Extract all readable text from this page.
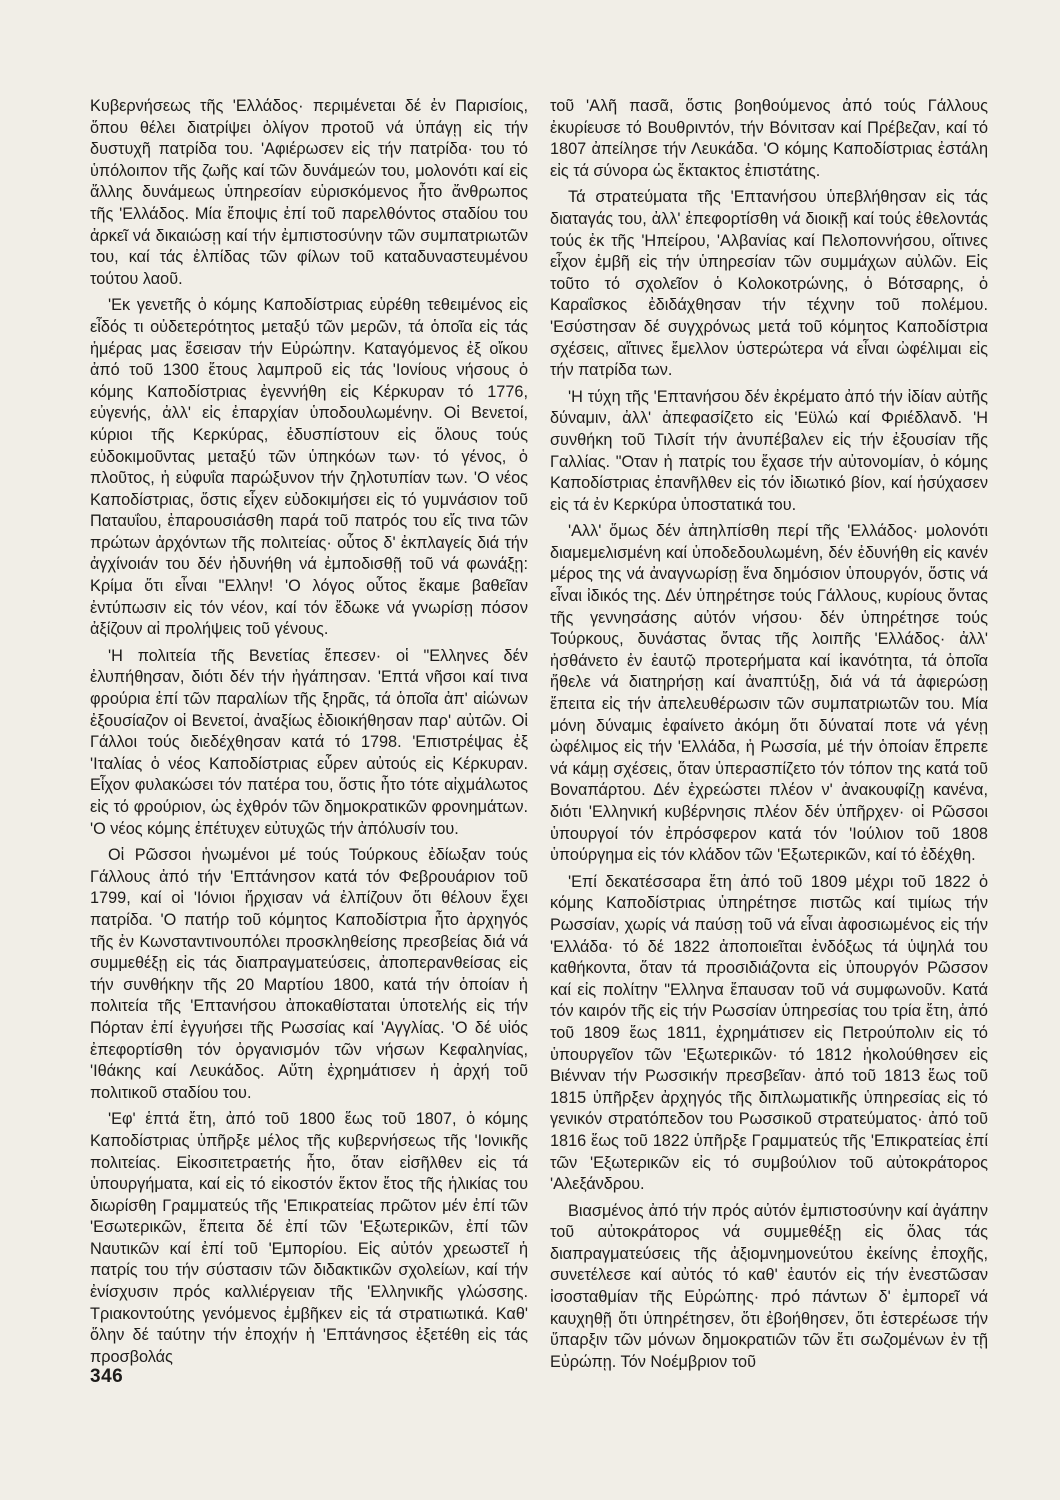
Κυβερνήσεως τῆς 'Ελλάδος· περιμένεται δέ ἐν Παρισίοις, ὅπου θέλει διατρίψει ὀλίγον προτοῦ νά ὑπάγῃ εἰς τήν δυστυχῆ πατρίδα του. 'Αφιέρωσεν εἰς τήν πατρίδα· του τό ὑπόλοιπον τῆς ζωῆς καί τῶν δυνάμεών του, μολονότι καί εἰς ἄλλης δυνάμεως ὑπηρεσίαν εὑρισκόμενος ἦτο ἄνθρωπος τῆς 'Ελλάδος. Μία ἔποψις ἐπί τοῦ παρελθόντος σταδίου του ἀρκεῖ νά δικαιώσῃ καί τήν ἐμπιστοσύνην τῶν συμπατριωτῶν του, καί τάς ἐλπίδας τῶν φίλων τοῦ καταδυναστευμένου τούτου λαοῦ.

'Εκ γενετῆς ὁ κόμης Καποδίστριας εὑρέθη τεθειμένος εἰς εἶδός τι οὐδετερότητος μεταξύ τῶν μερῶν, τά ὁποῖα εἰς τάς ἡμέρας μας ἔσεισαν τήν Εὐρώπην. Καταγόμενος ἐξ οἴκου ἀπό τοῦ 1300 ἔτους λαμπροῦ εἰς τάς 'Ιονίους νήσους ὁ κόμης Καποδίστριας ἐγεννήθη εἰς Κέρκυραν τό 1776, εὐγενής, ἀλλ' εἰς ἐπαρχίαν ὑποδουλωμένην. Οἱ Βενετοί, κύριοι τῆς Κερκύρας, ἐδυσπίστουν εἰς ὅλους τούς εὐδοκιμοῦντας μεταξύ τῶν ὑπηκόων των· τό γένος, ὁ πλοῦτος, ἡ εὐφυΐα παρώξυνον τήν ζηλοτυπίαν των. 'Ο νέος Καποδίστριας, ὅστις εἶχεν εὐδοκιμήσει εἰς τό γυμνάσιον τοῦ Παταυΐου, ἐπαρουσιάσθη παρά τοῦ πατρός του εἴς τινα τῶν πρώτων ἀρχόντων τῆς πολιτείας· οὗτος δ' ἐκπλαγείς διά τήν ἀγχίνοιάν του δέν ἠδυνήθη νά ἐμποδισθῇ τοῦ νά φωνάξῃ: Κρίμα ὅτι εἶναι "Ελλην! 'Ο λόγος οὗτος ἔκαμε βαθεῖαν ἐντύπωσιν εἰς τόν νέον, καί τόν ἔδωκε νά γνωρίσῃ πόσον ἀξίζουν αἱ προλήψεις τοῦ γένους.

'Η πολιτεία τῆς Βενετίας ἔπεσεν· οἱ "Ελληνες δέν ἐλυπήθησαν, διότι δέν τήν ἠγάπησαν. 'Επτά νῆσοι καί τινα φρούρια ἐπί τῶν παραλίων τῆς ξηρᾶς, τά ὁποῖα ἀπ' αἰώνων ἐξουσίαζον οἱ Βενετοί, ἀναξίως ἐδιοικήθησαν παρ' αὐτῶν. Οἱ Γάλλοι τούς διεδέχθησαν κατά τό 1798. 'Επιστρέψας ἐξ 'Ιταλίας ὁ νέος Καποδίστριας εὗρεν αὐτούς εἰς Κέρκυραν. Εἶχον φυλακώσει τόν πατέρα του, ὅστις ἦτο τότε αἰχμάλωτος εἰς τό φρούριον, ὡς ἐχθρόν τῶν δημοκρατικῶν φρονημάτων. 'Ο νέος κόμης ἐπέτυχεν εὐτυχῶς τήν ἀπόλυσίν του.

Οἱ Ρῶσσοι ἡνωμένοι μέ τούς Τούρκους ἐδίωξαν τούς Γάλλους ἀπό τήν 'Επτάνησον κατά τόν Φεβρουάριον τοῦ 1799, καί οἱ 'Ιόνιοι ἤρχισαν νά ἐλπίζουν ὅτι θέλουν ἔχει πατρίδα. 'Ο πατήρ τοῦ κόμητος Καποδίστρια ἦτο ἀρχηγός τῆς ἐν Κωνσταντινουπόλει προσκληθείσης πρεσβείας διά νά συμμεθέξῃ εἰς τάς διαπραγματεύσεις, ἀποπερανθείσας εἰς τήν συνθήκην τῆς 20 Μαρτίου 1800, κατά τήν ὁποίαν ἡ πολιτεία τῆς 'Επτανήσου ἀποκαθίσταται ὑποτελής εἰς τήν Πόρταν ἐπί ἐγγυήσει τῆς Ρωσσίας καί 'Αγγλίας. 'Ο δέ υἱός ἐπεφορτίσθη τόν ὀργανισμόν τῶν νήσων Κεφαληνίας, 'Ιθάκης καί Λευκάδος. Αὕτη ἐχρημάτισεν ἡ ἀρχή τοῦ πολιτικοῦ σταδίου του.

'Εφ' ἑπτά ἔτη, ἀπό τοῦ 1800 ἕως τοῦ 1807, ὁ κόμης Καποδίστριας ὑπῆρξε μέλος τῆς κυβερνήσεως τῆς 'Ιονικῆς πολιτείας. Εἰκοσιτετραετής ἦτο, ὅταν εἰσῆλθεν εἰς τά ὑπουργήματα, καί εἰς τό εἰκοστόν ἕκτον ἔτος τῆς ἡλικίας του διωρίσθη Γραμματεύς τῆς 'Επικρατείας πρῶτον μέν ἐπί τῶν 'Εσωτερικῶν, ἔπειτα δέ ἐπί τῶν 'Εξωτερικῶν, ἐπί τῶν Ναυτικῶν καί ἐπί τοῦ 'Εμπορίου. Εἰς αὐτόν χρεωστεῖ ἡ πατρίς του τήν σύστασιν τῶν διδακτικῶν σχολείων, καί τήν ἐνίσχυσιν πρός καλλιέργειαν τῆς 'Ελληνικῆς γλώσσης. Τριακοντούτης γενόμενος ἐμβῆκεν εἰς τά στρατιωτικά. Καθ' ὅλην δέ ταύτην τήν ἐποχήν ἡ 'Επτάνησος ἐξετέθη εἰς τάς προσβολάς

τοῦ 'Αλῆ πασᾶ, ὅστις βοηθούμενος ἀπό τούς Γάλλους ἐκυρίευσε τό Βουθριντόν, τήν Βόνιτσαν καί Πρέβεζαν, καί τό 1807 ἀπείλησε τήν Λευκάδα. 'Ο κόμης Καποδίστριας ἐστάλη εἰς τά σύνορα ὡς ἔκτακτος ἐπιστάτης.

Τά στρατεύματα τῆς 'Επτανήσου ὑπεβλήθησαν εἰς τάς διαταγάς του, ἀλλ' ἐπεφορτίσθη νά διοικῇ καί τούς ἐθελοντάς τούς ἐκ τῆς 'Ηπείρου, 'Αλβανίας καί Πελοποννήσου, οἵτινες εἶχον ἐμβῆ εἰς τήν ὑπηρεσίαν τῶν συμμάχων αὐλῶν. Εἰς τοῦτο τό σχολεῖον ὁ Κολοκοτρώνης, ὁ Βότσαρης, ὁ Καραΐσκος ἐδιδάχθησαν τήν τέχνην τοῦ πολέμου. 'Εσύστησαν δέ συγχρόνως μετά τοῦ κόμητος Καποδίστρια σχέσεις, αἵτινες ἔμελλον ὑστερώτερα νά εἶναι ὠφέλιμαι εἰς τήν πατρίδα των.

'Η τύχη τῆς 'Επτανήσου δέν ἐκρέματο ἀπό τήν ἰδίαν αὐτῆς δύναμιν, ἀλλ' ἀπεφασίζετο εἰς 'Εϋλώ καί Φριέδλανδ. 'Η συνθήκη τοῦ Τιλσίτ τήν ἀνυπέβαλεν εἰς τήν ἐξουσίαν τῆς Γαλλίας. "Οταν ἡ πατρίς του ἔχασε τήν αὐτονομίαν, ὁ κόμης Καποδίστριας ἐπανῆλθεν εἰς τόν ἰδιωτικό βίον, καί ἡσύχασεν εἰς τά ἐν Κερκύρα ὑποστατικά του.

'Αλλ' ὅμως δέν ἀπηλπίσθη περί τῆς 'Ελλάδος· μολονότι διαμεμελισμένη καί ὑποδεδουλωμένη, δέν ἐδυνήθη εἰς κανέν μέρος της νά ἀναγνωρίσῃ ἕνα δημόσιον ὑπουργόν, ὅστις νά εἶναι ἰδικός της. Δέν ὑπηρέτησε τούς Γάλλους, κυρίους ὄντας τῆς γεννησάσης αὐτόν νήσου· δέν ὑπηρέτησε τούς Τούρκους, δυνάστας ὄντας τῆς λοιπῆς 'Ελλάδος· ἀλλ' ἠσθάνετο ἐν ἑαυτῷ προτερήματα καί ἱκανότητα, τά ὁποῖα ἤθελε νά διατηρήσῃ καί ἀναπτύξῃ, διά νά τά ἀφιερώσῃ ἔπειτα εἰς τήν ἀπελευθέρωσιν τῶν συμπατριωτῶν του. Μία μόνη δύναμις ἐφαίνετο ἀκόμη ὅτι δύναταί ποτε νά γένῃ ὠφέλιμος εἰς τήν 'Ελλάδα, ἡ Ρωσσία, μέ τήν ὁποίαν ἔπρεπε νά κάμῃ σχέσεις, ὅταν ὑπερασπίζετο τόν τόπον της κατά τοῦ Βοναπάρτου. Δέν ἐχρεώστει πλέον ν' ἀνακουφίζῃ κανένα, διότι 'Ελληνική κυβέρνησις πλέον δέν ὑπῆρχεν· οἱ Ρῶσσοι ὑπουργοί τόν ἐπρόσφερον κατά τόν 'Ιούλιον τοῦ 1808 ὑπούργημα εἰς τόν κλάδον τῶν 'Εξωτερικῶν, καί τό ἐδέχθη.

'Επί δεκατέσσαρα ἔτη ἀπό τοῦ 1809 μέχρι τοῦ 1822 ὁ κόμης Καποδίστριας ὑπηρέτησε πιστῶς καί τιμίως τήν Ρωσσίαν, χωρίς νά παύσῃ τοῦ νά εἶναι ἀφοσιωμένος εἰς τήν 'Ελλάδα· τό δέ 1822 ἀποποιεῖται ἐνδόξως τά ὑψηλά του καθήκοντα, ὅταν τά προσιδιάζοντα εἰς ὑπουργόν Ρῶσσον καί εἰς πολίτην "Ελληνα ἔπαυσαν τοῦ νά συμφωνοῦν. Κατά τόν καιρόν τῆς εἰς τήν Ρωσσίαν ὑπηρεσίας του τρία ἔτη, ἀπό τοῦ 1809 ἕως 1811, ἐχρημάτισεν εἰς Πετρούπολιν εἰς τό ὑπουργεῖον τῶν 'Εξωτερικῶν· τό 1812 ἠκολούθησεν εἰς Βιένναν τήν Ρωσσικήν πρεσβεῖαν· ἀπό τοῦ 1813 ἕως τοῦ 1815 ὑπῆρξεν ἀρχηγός τῆς διπλωματικῆς ὑπηρεσίας εἰς τό γενικόν στρατόπεδον του Ρωσσικοῦ στρατεύματος· ἀπό τοῦ 1816 ἕως τοῦ 1822 ὑπῆρξε Γραμματεύς τῆς 'Επικρατείας ἐπί τῶν 'Εξωτερικῶν εἰς τό συμβούλιον τοῦ αὐτοκράτορος 'Αλεξάνδρου.

Βιασμένος ἀπό τήν πρός αὐτόν ἐμπιστοσύνην καί ἀγάπην τοῦ αὐτοκράτορος νά συμμεθέξῃ εἰς ὅλας τάς διαπραγματεύσεις τῆς ἀξιομνημονεύτου ἐκείνης ἐποχῆς, συνετέλεσε καί αὐτός τό καθ' ἑαυτόν εἰς τήν ἐνεστῶσαν ἰσοσταθμίαν τῆς Εὐρώπης· πρό πάντων δ' ἐμπορεῖ νά καυχηθῇ ὅτι ὑπηρέτησεν, ὅτι ἐβοήθησεν, ὅτι ἐστερέωσε τήν ὕπαρξιν τῶν μόνων δημοκρατιῶν τῶν ἔτι σωζομένων ἐν τῇ Εὐρώπῃ. Τόν Νοέμβριον τοῦ

346
